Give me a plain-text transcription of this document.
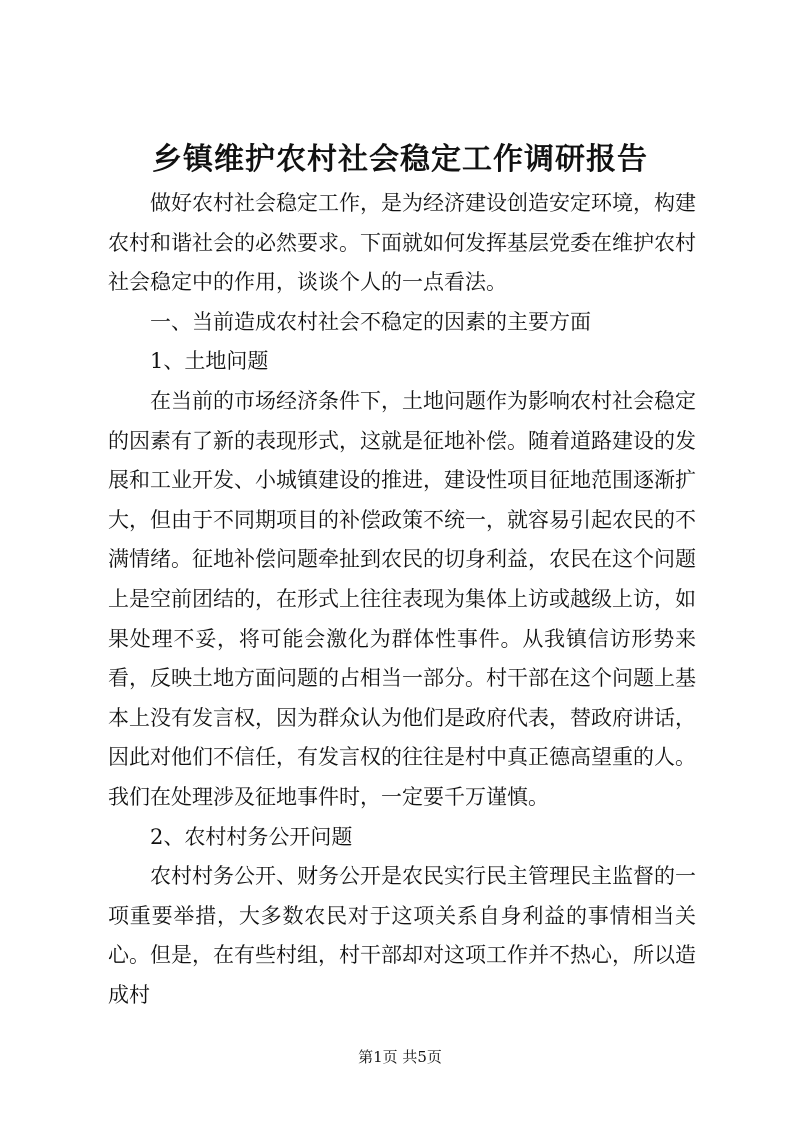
乡镇维护农村社会稳定工作调研报告

做好农村社会稳定工作，是为经济建设创造安定环境，构建农村和谐社会的必然要求。下面就如何发挥基层党委在维护农村社会稳定中的作用，谈谈个人的一点看法。

一、当前造成农村社会不稳定的因素的主要方面

1、土地问题

在当前的市场经济条件下，土地问题作为影响农村社会稳定的因素有了新的表现形式，这就是征地补偿。随着道路建设的发展和工业开发、小城镇建设的推进，建设性项目征地范围逐渐扩大，但由于不同期项目的补偿政策不统一，就容易引起农民的不满情绪。征地补偿问题牵扯到农民的切身利益，农民在这个问题上是空前团结的，在形式上往往表现为集体上访或越级上访，如果处理不妥，将可能会激化为群体性事件。从我镇信访形势来看，反映土地方面问题的占相当一部分。村干部在这个问题上基本上没有发言权，因为群众认为他们是政府代表，替政府讲话，因此对他们不信任，有发言权的往往是村中真正德高望重的人。我们在处理涉及征地事件时，一定要千万谨慎。

2、农村村务公开问题

农村村务公开、财务公开是农民实行民主管理民主监督的一项重要举措，大多数农民对于这项关系自身利益的事情相当关心。但是，在有些村组，村干部却对这项工作并不热心，所以造成村

第1页 共5页
